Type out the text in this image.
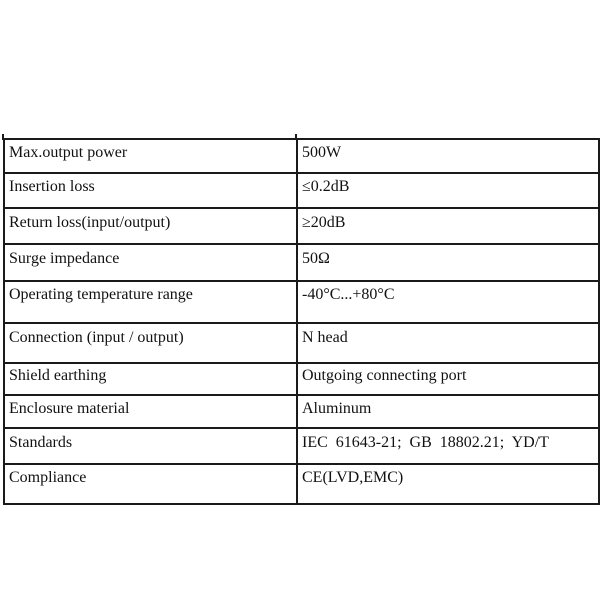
Max.output power	500W
Insertion loss	≤0.2dB
Return loss(input/output)	≥20dB
Surge impedance	50Ω
Operating temperature range	-40°C...+80°C
Connection (input / output)	N head
Shield earthing	Outgoing connecting port
Enclosure material	Aluminum
Standards	IEC 61643-21; GB 18802.21; YD/T
Compliance	CE(LVD,EMC)
